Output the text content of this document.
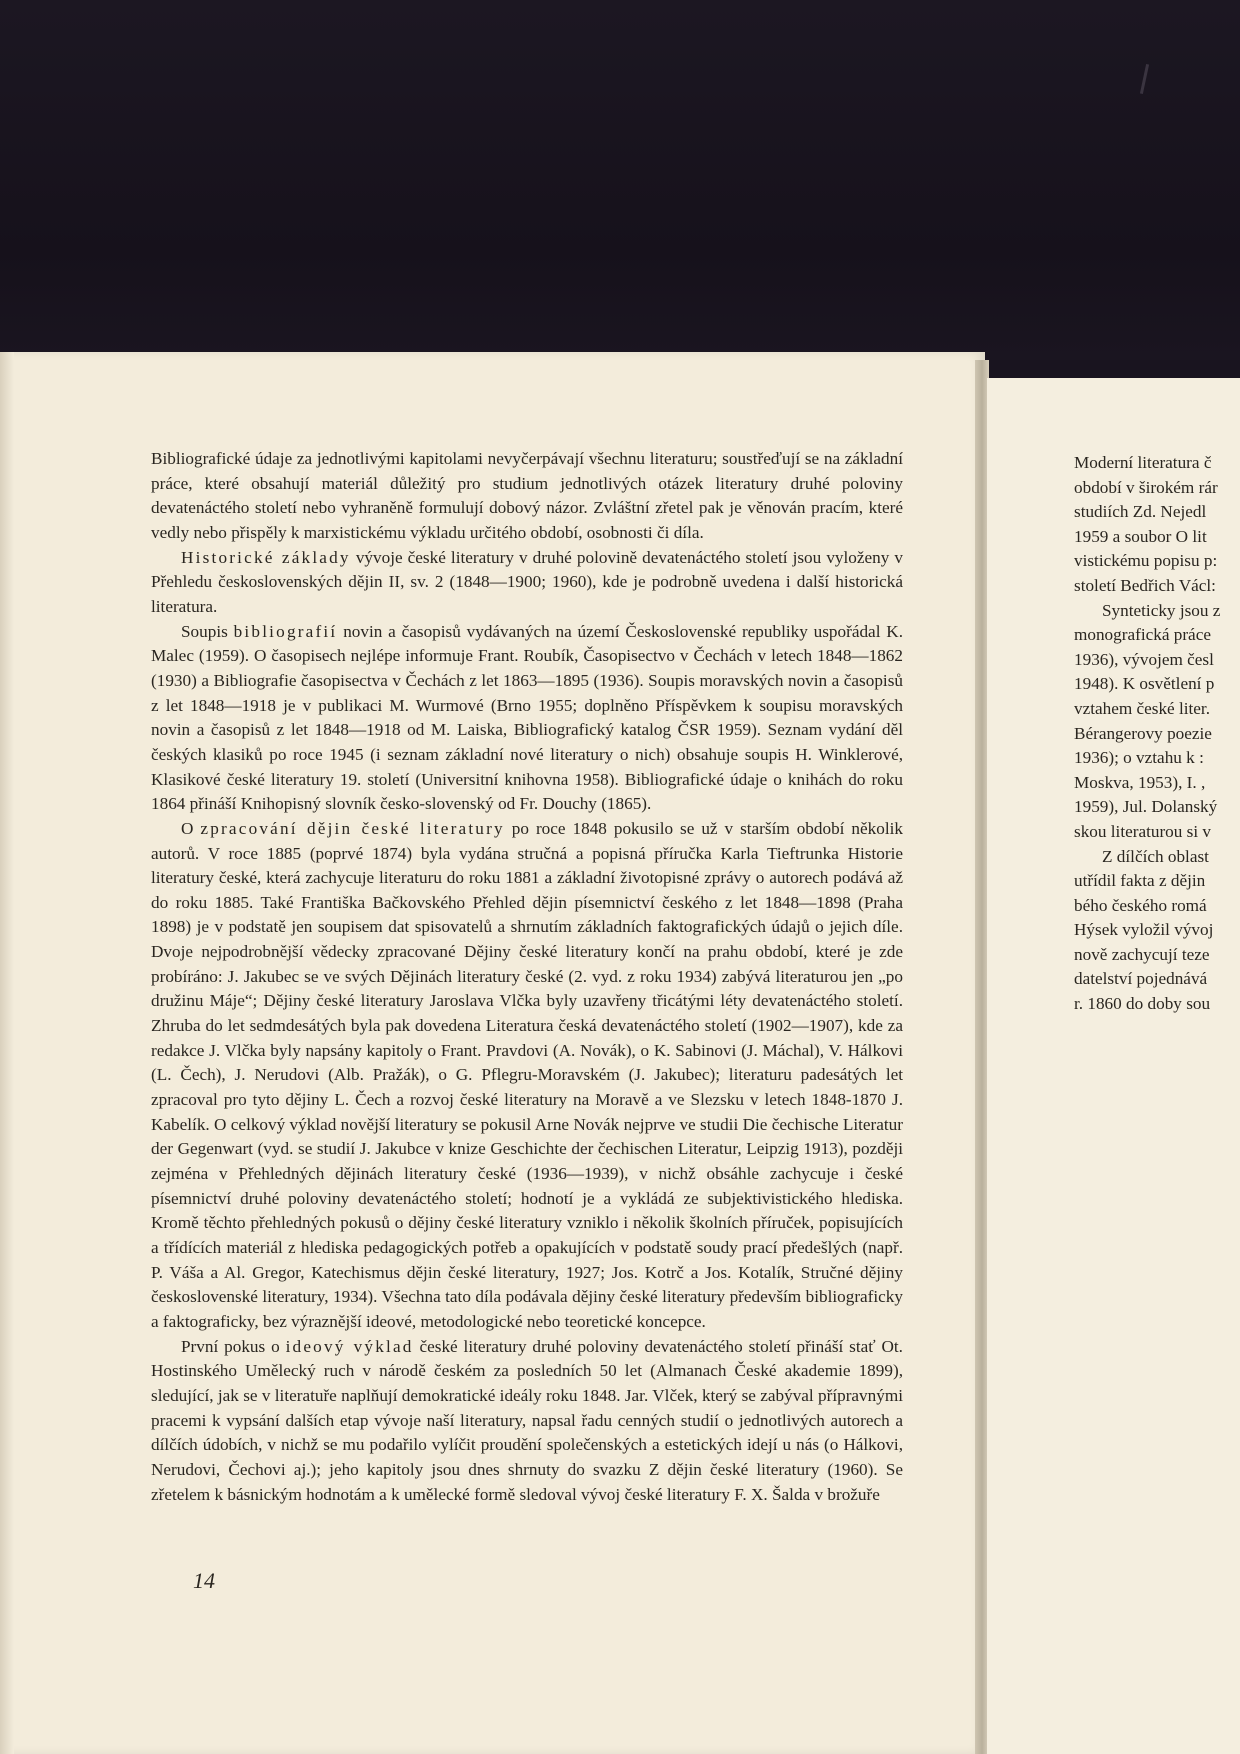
Bibliografické údaje za jednotlivými kapitolami nevyčerpávají všechnu literaturu; soustřeďují se na základní práce, které obsahují materiál důležitý pro studium jednotlivých otázek literatury druhé poloviny devatenáctého století nebo vyhraněně formulují dobový názor. Zvláštní zřetel pak je věnován pracím, které vedly nebo přispěly k marxistickému výkladu určitého období, osobnosti či díla.

Historické základy vývoje české literatury v druhé polovině devatenáctého století jsou vyloženy v Přehledu československých dějin II, sv. 2 (1848—1900; 1960), kde je podrobně uvedena i další historická literatura.

Soupis bibliografií novin a časopisů vydávaných na území Československé republiky uspořádal K. Malec (1959). O časopisech nejlépe informuje Frant. Roubík, Časopisectvo v Čechách v letech 1848—1862 (1930) a Bibliografie časopisectva v Čechách z let 1863—1895 (1936). Soupis moravských novin a časopisů z let 1848—1918 je v publikaci M. Wurmové (Brno 1955; doplněno Příspěvkem k soupisu moravských novin a časopisů z let 1848—1918 od M. Laiska, Bibliografický katalog ČSR 1959). Seznam vydání děl českých klasiků po roce 1945 (i seznam základní nové literatury o nich) obsahuje soupis H. Winklerové, Klasikové české literatury 19. století (Universitní knihovna 1958). Bibliografické údaje o knihách do roku 1864 přináší Knihopisný slovník česko-slovenský od Fr. Douchy (1865).

O zpracování dějin české literatury po roce 1848 pokusilo se už v starším období několik autorů. V roce 1885 (poprvé 1874) byla vydána stručná a popisná příručka Karla Tieftrunka Historie literatury české, která zachycuje literaturu do roku 1881 a základní životopisné zprávy o autorech podává až do roku 1885. Také Františka Bačkovského Přehled dějin písemnictví českého z let 1848—1898 (Praha 1898) je v podstatě jen soupisem dat spisovatelů a shrnutím základních faktografických údajů o jejich díle. Dvoje nejpodrobnější vědecky zpracované Dějiny české literatury končí na prahu období, které je zde probíráno: J. Jakubec se ve svých Dějinách literatury české (2. vyd. z roku 1934) zabývá literaturou jen „po družinu Máje“; Dějiny české literatury Jaroslava Vlčka byly uzavřeny třicátými léty devatenáctého století. Zhruba do let sedmdesátých byla pak dovedena Literatura česká devatenáctého století (1902—1907), kde za redakce J. Vlčka byly napsány kapitoly o Frant. Pravdovi (A. Novák), o K. Sabinovi (J. Máchal), V. Hálkovi (L. Čech), J. Nerudovi (Alb. Pražák), o G. Pflegru-Moravském (J. Jakubec); literaturu padesátých let zpracoval pro tyto dějiny L. Čech a rozvoj české literatury na Moravě a ve Slezsku v letech 1848-1870 J. Kabelík. O celkový výklad novější literatury se pokusil Arne Novák nejprve ve studii Die čechische Literatur der Gegenwart (vyd. se studií J. Jakubce v knize Geschichte der čechischen Literatur, Leipzig 1913), později zejména v Přehledných dějinách literatury české (1936—1939), v nichž obsáhle zachycuje i české písemnictví druhé poloviny devatenáctého století; hodnotí je a vykládá ze subjektivistického hlediska. Kromě těchto přehledných pokusů o dějiny české literatury vzniklo i několik školních příruček, popisujících a třídících materiál z hlediska pedagogických potřeb a opakujících v podstatě soudy prací předešlých (např. P. Váša a Al. Gregor, Katechismus dějin české literatury, 1927; Jos. Kotrč a Jos. Kotalík, Stručné dějiny československé literatury, 1934). Všechna tato díla podávala dějiny české literatury především bibliograficky a faktograficky, bez výraznější ideové, metodologické nebo teoretické koncepce.

První pokus o ideový výklad české literatury druhé poloviny devatenáctého století přináší stať Ot. Hostinského Umělecký ruch v národě českém za posledních 50 let (Almanach České akademie 1899), sledující, jak se v literatuře naplňují demokratické ideály roku 1848. Jar. Vlček, který se zabýval přípravnými pracemi k vypsání dalších etap vývoje naší literatury, napsal řadu cenných studií o jednotlivých autorech a dílčích údobích, v nichž se mu podařilo vylíčit proudění společenských a estetických idejí u nás (o Hálkovi, Nerudovi, Čechovi aj.); jeho kapitoly jsou dnes shrnuty do svazku Z dějin české literatury (1960). Se zřetelem k básnickým hodnotám a k umělecké formě sledoval vývoj české literatury F. X. Šalda v brožuře

14
Moderní literatura č
období v širokém rár
studiích Zd. Nejedl
1959 a soubor O lit
vistickému popisu p:
století Bedřich Václ:
Synteticky jsou z
monografická práce
1936), vývojem česl
1948). K osvětlení p
vztahem české liter.
Bérangerovy poezie
1936); o vztahu k :
Moskva, 1953), I. ,
1959), Jul. Dolanský
skou literaturou si v
Z dílčích oblast
utřídil fakta z dějin
bého českého romá
Hýsek vyložil vývoj
nově zachycují teze
datelství pojednává
r. 1860 do doby sou
